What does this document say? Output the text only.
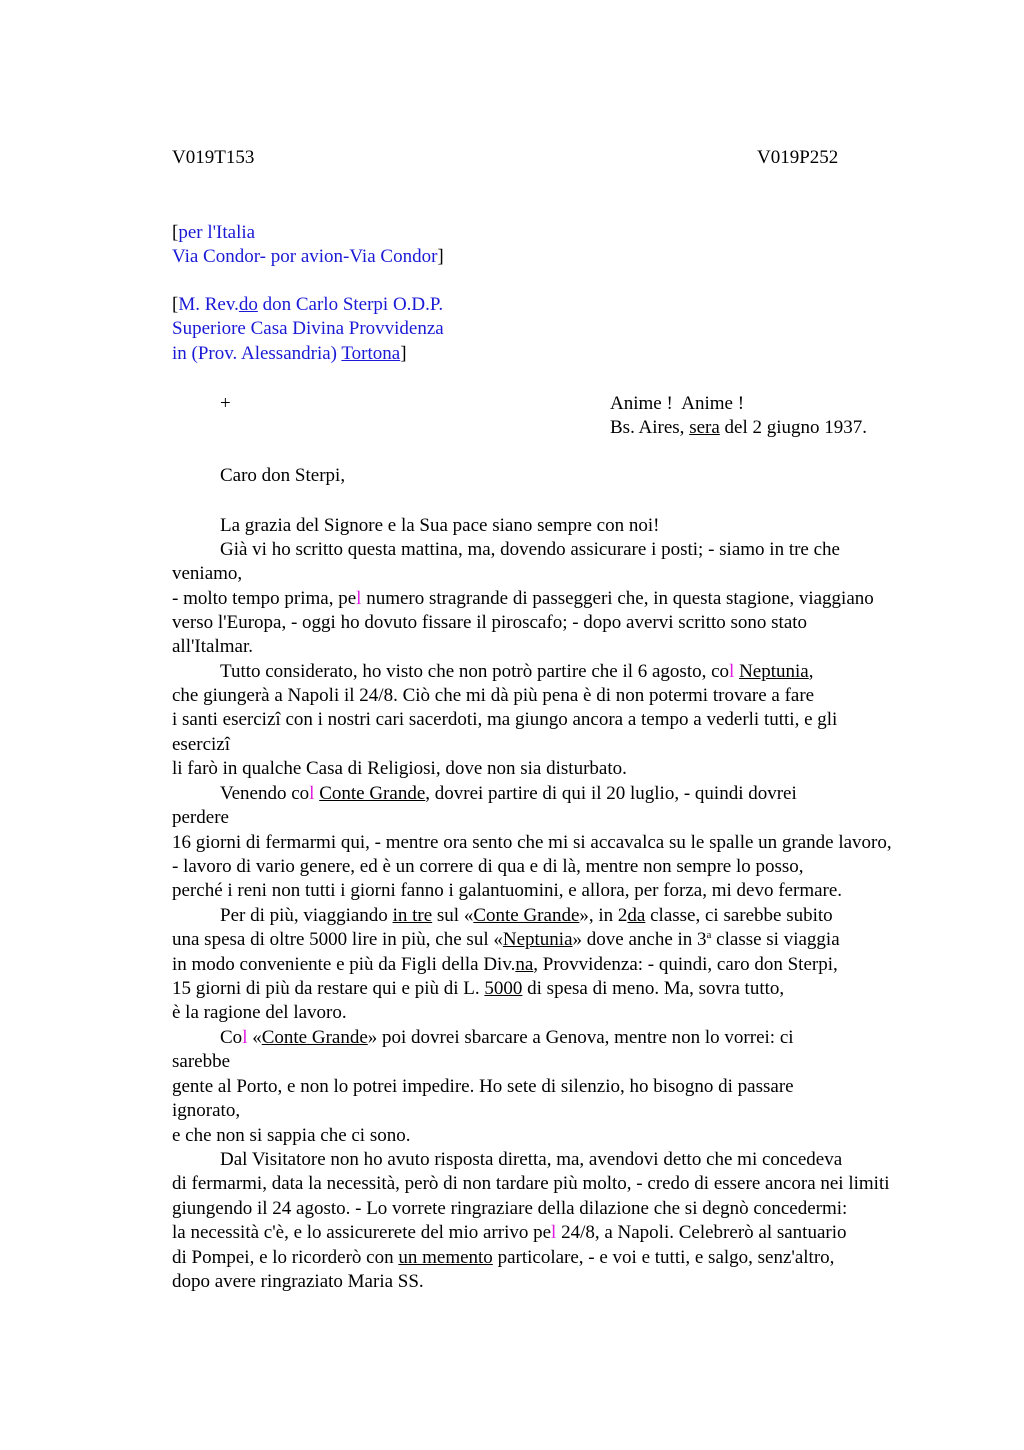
V019T153	V019P252
[per l'Italia
Via Condor- por avion-Via Condor]
[M. Rev.do don Carlo Sterpi O.D.P.
Superiore Casa Divina Provvidenza
in (Prov. Alessandria) Tortona]
+	Anime !  Anime !
Bs. Aires, sera del 2 giugno 1937.
Caro don Sterpi,
La grazia del Signore e la Sua pace siano sempre con noi!
Già vi ho scritto questa mattina, ma, dovendo assicurare i posti; - siamo in tre che
veniamo,
- molto tempo prima, pel numero stragrande di passeggeri che, in questa stagione, viaggiano
verso l'Europa, - oggi ho dovuto fissare il piroscafo; - dopo avervi scritto sono stato
all'Italmar.
Tutto considerato, ho visto che non potrò partire che il 6 agosto, col Neptunia,
che giungerà a Napoli il 24/8. Ciò che mi dà più pena è di non potermi trovare a fare
i santi esercizi con i nostri cari sacerdoti, ma giungo ancora a tempo a vederli tutti, e gli
esercizi
li farò in qualche Casa di Religiosi, dove non sia disturbato.
Venendo col Conte Grande, dovrei partire di qui il 20 luglio, - quindi dovrei
perdere
16 giorni di fermarmi qui, - mentre ora sento che mi si accavalca su le spalle un grande lavoro,
- lavoro di vario genere, ed è un correre di qua e di là, mentre non sempre lo posso,
perché i reni non tutti i giorni fanno i galantuomini, e allora, per forza, mi devo fermare.
Per di più, viaggiando in tre sul «Conte Grande», in 2da classe, ci sarebbe subito
una spesa di oltre 5000 lire in più, che sul «Neptunia» dove anche in 3$^a$ classe si viaggia
in modo conveniente e più da Figli della Div.na, Provvidenza: - quindi, caro don Sterpi,
15 giorni di più da restare qui e più di L. 5000 di spesa di meno. Ma, sovra tutto,
è la ragione del lavoro.
Col «Conte Grande» poi dovrei sbarcare a Genova, mentre non lo vorrei: ci
sarebbe
gente al Porto, e non lo potrei impedire. Ho sete di silenzio, ho bisogno di passare
ignorato,
e che non si sappia che ci sono.
Dal Visitatore non ho avuto risposta diretta, ma, avendovi detto che mi concedeva
di fermarmi, data la necessità, però di non tardare più molto, - credo di essere ancora nei limiti
giungendo il 24 agosto. - Lo vorrete ringraziare della dilazione che si degnò concedermi:
la necessità c'è, e lo assicurerete del mio arrivo pel 24/8, a Napoli. Celebrerò al santuario
di Pompei, e lo ricorderò con un memento particolare, - e voi e tutti, e salgo, senz'altro,
dopo avere ringraziato Maria SS.
